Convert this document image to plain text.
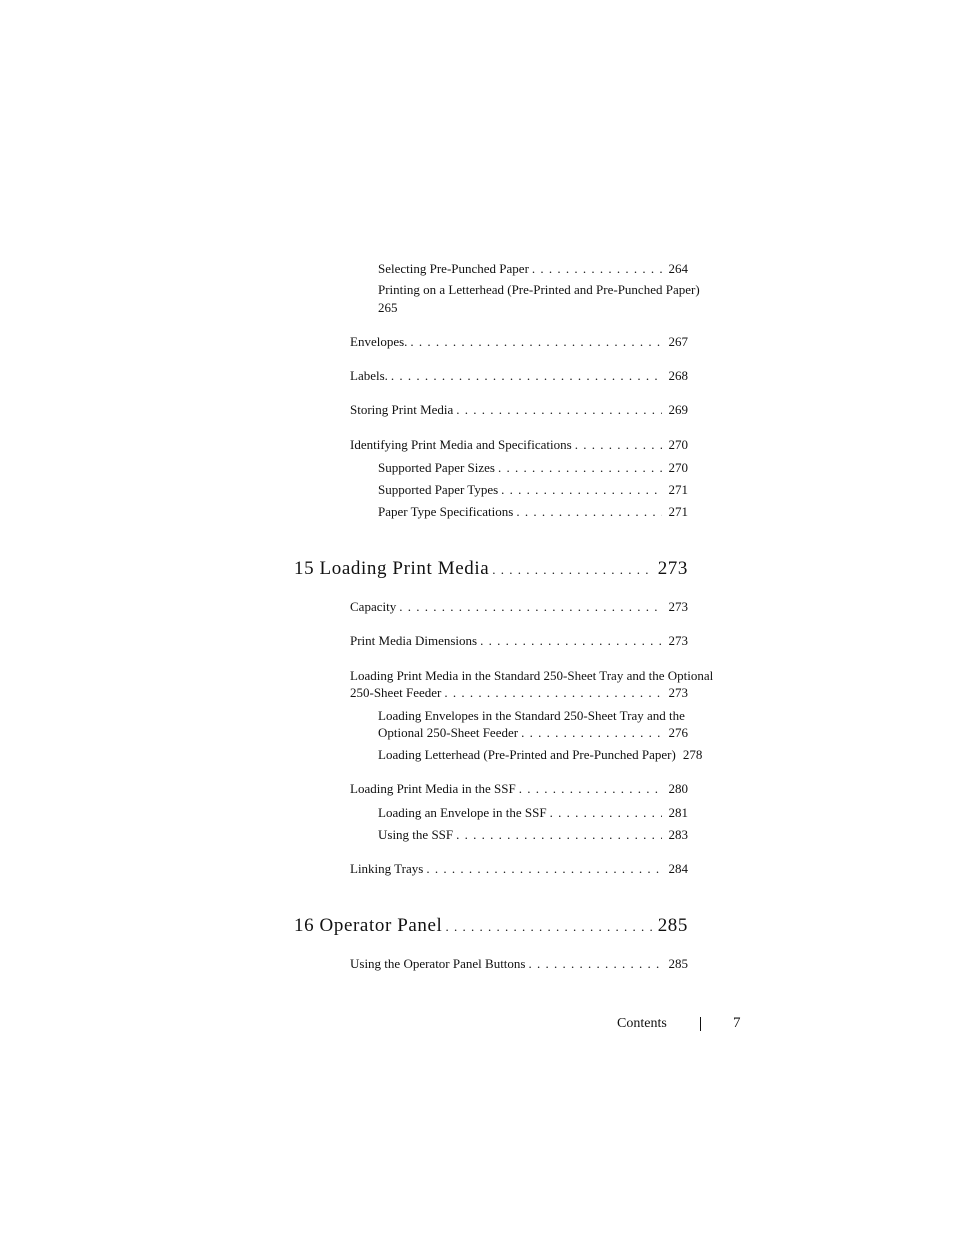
Selecting Pre-Punched Paper . . .	264
Printing on a Letterhead (Pre-Printed and Pre-Punched Paper)
265
Envelopes. . . .	267
Labels. . . .	268
Storing Print Media . . .	269
Identifying Print Media and Specifications . . .	270
Supported Paper Sizes . . .	270
Supported Paper Types . . .	271
Paper Type Specifications . . .	271
15 Loading Print Media . . .	273
Capacity . . .	273
Print Media Dimensions . . .	273
Loading Print Media in the Standard 250-Sheet Tray and the Optional
250-Sheet Feeder . . .	273
Loading Envelopes in the Standard 250-Sheet Tray and the
Optional 250-Sheet Feeder . . .	276
Loading Letterhead (Pre-Printed and Pre-Punched Paper) 278
Loading Print Media in the SSF . . .	280
Loading an Envelope in the SSF . . .	281
Using the SSF . . .	283
Linking Trays . . .	284
16 Operator Panel . . .	285
Using the Operator Panel Buttons . . .	285
Contents	7
